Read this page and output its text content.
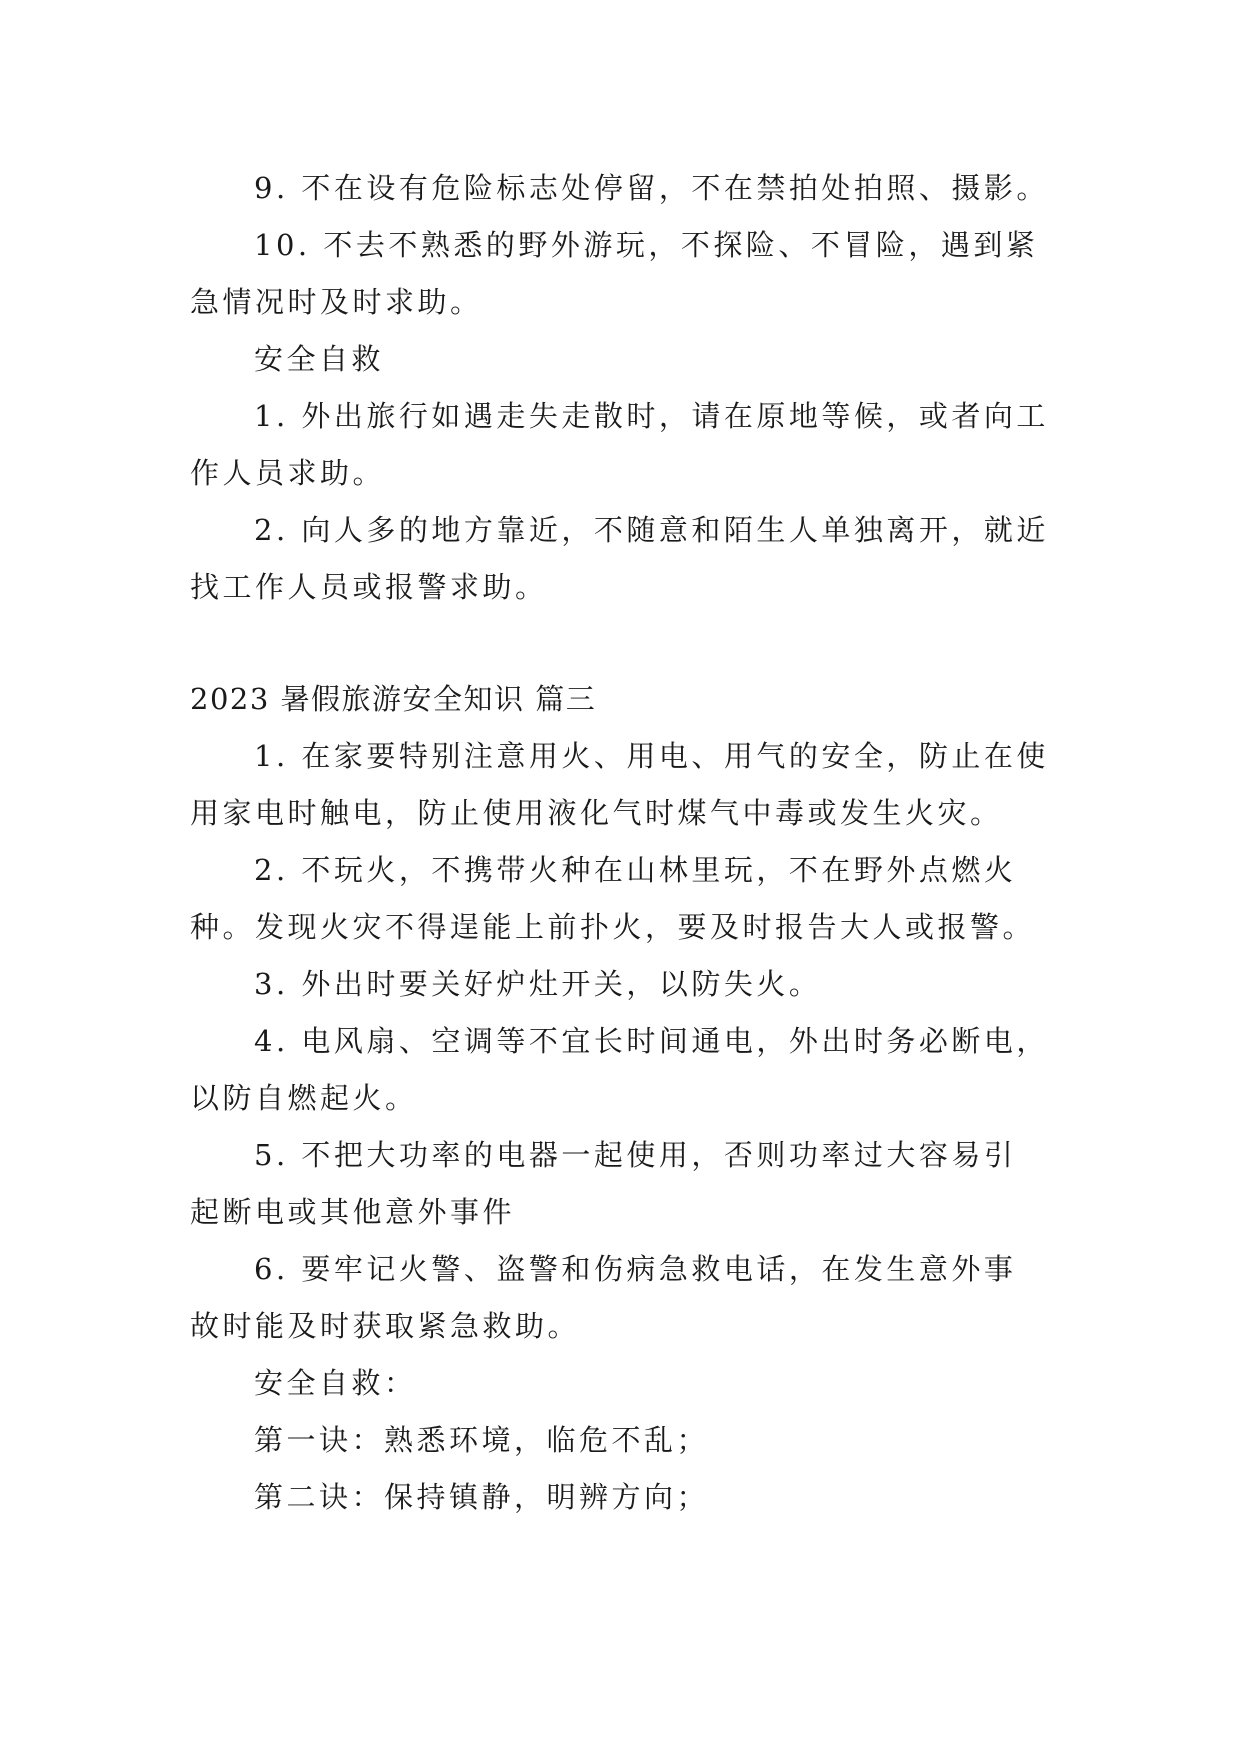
9. 不在设有危险标志处停留，不在禁拍处拍照、摄影。
10. 不去不熟悉的野外游玩，不探险、不冒险，遇到紧
急情况时及时求助。
安全自救
1. 外出旅行如遇走失走散时，请在原地等候，或者向工
作人员求助。
2. 向人多的地方靠近，不随意和陌生人单独离开，就近
找工作人员或报警求助。
2023 暑假旅游安全知识 篇三
1. 在家要特别注意用火、用电、用气的安全，防止在使
用家电时触电，防止使用液化气时煤气中毒或发生火灾。
2. 不玩火，不携带火种在山林里玩，不在野外点燃火
种。发现火灾不得逞能上前扑火，要及时报告大人或报警。
3. 外出时要关好炉灶开关，以防失火。
4. 电风扇、空调等不宜长时间通电，外出时务必断电，
以防自燃起火。
5. 不把大功率的电器一起使用，否则功率过大容易引
起断电或其他意外事件
6. 要牢记火警、盗警和伤病急救电话，在发生意外事
故时能及时获取紧急救助。
安全自救：
第一诀：熟悉环境，临危不乱；
第二诀：保持镇静，明辨方向；
